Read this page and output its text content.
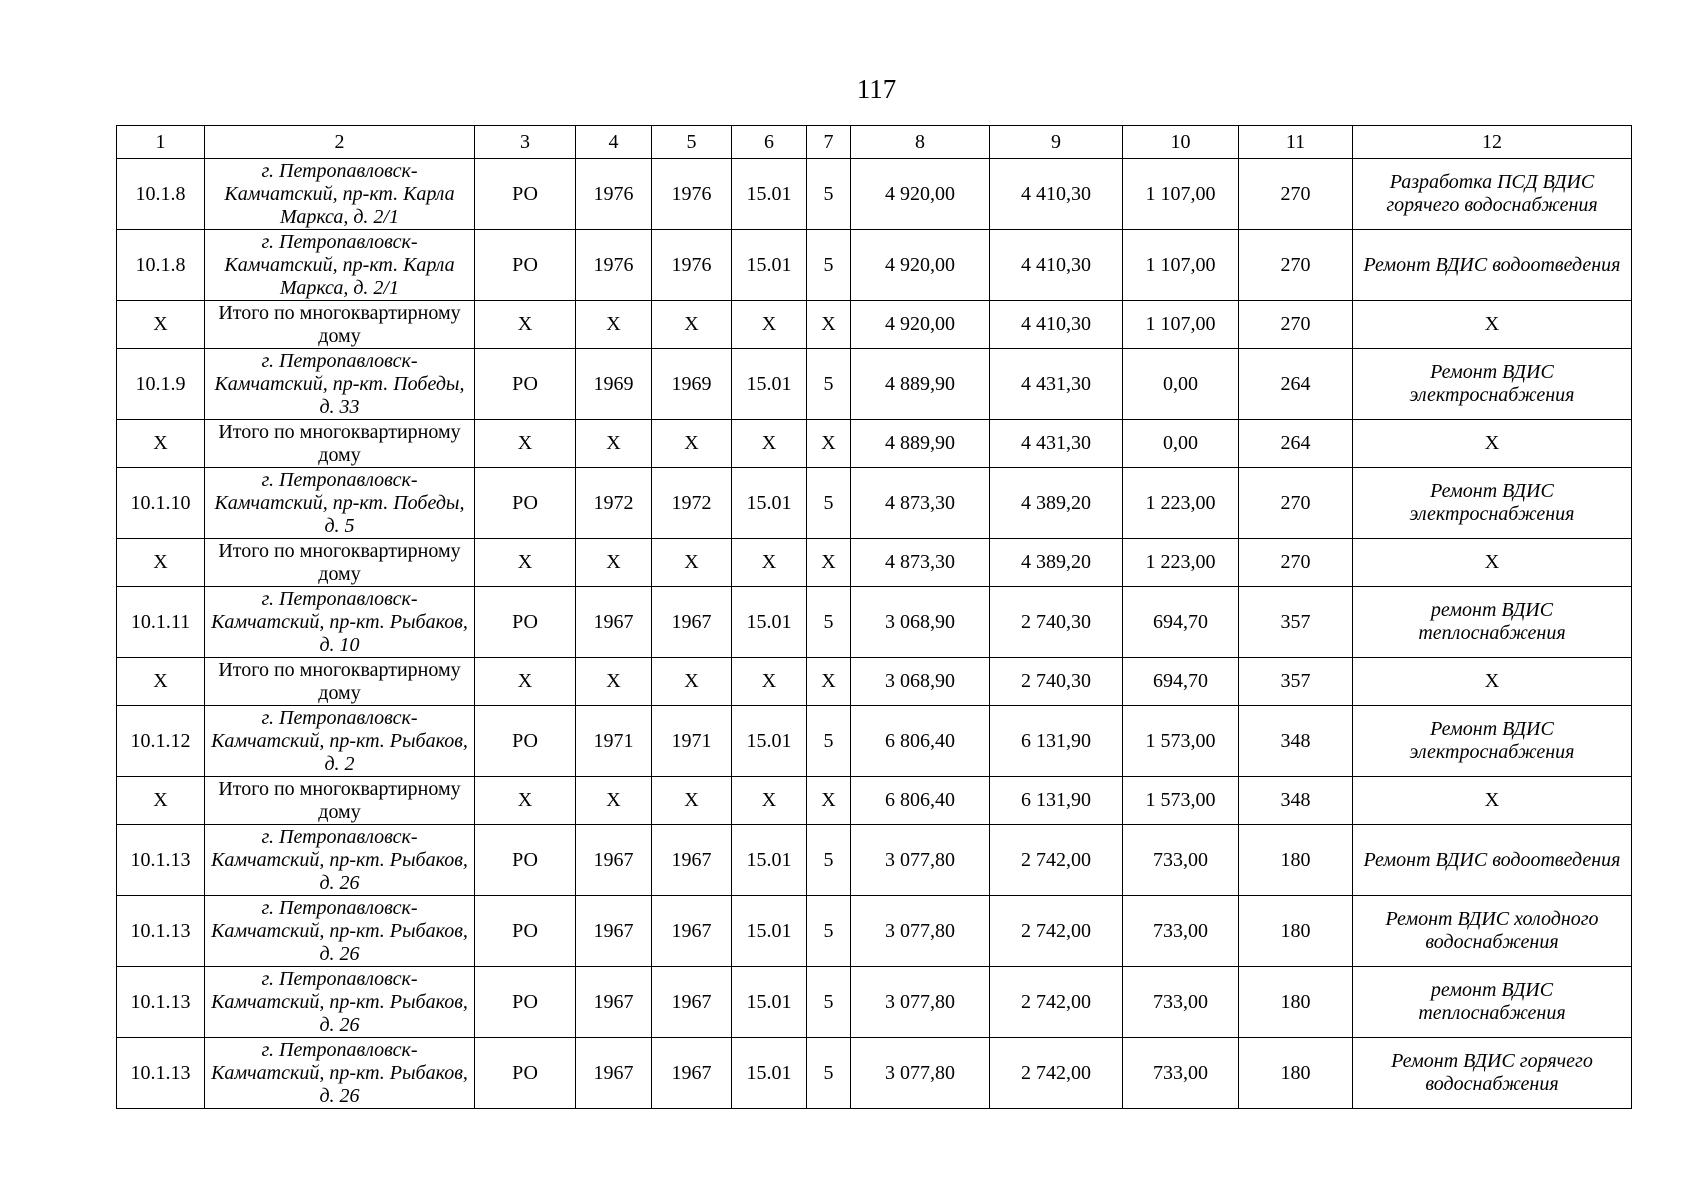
117
1	2	3	4	5	6	7	8	9	10	11	12
10.1.8	г. Петропавловск-Камчатский, пр-кт. Карла Маркса, д. 2/1	РО	1976	1976	15.01	5	4 920,00	4 410,30	1 107,00	270	Разработка ПСД ВДИС горячего водоснабжения
10.1.8	г. Петропавловск-Камчатский, пр-кт. Карла Маркса, д. 2/1	РО	1976	1976	15.01	5	4 920,00	4 410,30	1 107,00	270	Ремонт ВДИС водоотведения
Х	Итого по многоквартирному дому	Х	Х	Х	Х	Х	4 920,00	4 410,30	1 107,00	270	Х
10.1.9	г. Петропавловск-Камчатский, пр-кт. Победы, д. 33	РО	1969	1969	15.01	5	4 889,90	4 431,30	0,00	264	Ремонт ВДИС электроснабжения
Х	Итого по многоквартирному дому	Х	Х	Х	Х	Х	4 889,90	4 431,30	0,00	264	Х
10.1.10	г. Петропавловск-Камчатский, пр-кт. Победы, д. 5	РО	1972	1972	15.01	5	4 873,30	4 389,20	1 223,00	270	Ремонт ВДИС электроснабжения
Х	Итого по многоквартирному дому	Х	Х	Х	Х	Х	4 873,30	4 389,20	1 223,00	270	Х
10.1.11	г. Петропавловск-Камчатский, пр-кт. Рыбаков, д. 10	РО	1967	1967	15.01	5	3 068,90	2 740,30	694,70	357	ремонт ВДИС теплоснабжения
Х	Итого по многоквартирному дому	Х	Х	Х	Х	Х	3 068,90	2 740,30	694,70	357	Х
10.1.12	г. Петропавловск-Камчатский, пр-кт. Рыбаков, д. 2	РО	1971	1971	15.01	5	6 806,40	6 131,90	1 573,00	348	Ремонт ВДИС электроснабжения
Х	Итого по многоквартирному дому	Х	Х	Х	Х	Х	6 806,40	6 131,90	1 573,00	348	Х
10.1.13	г. Петропавловск-Камчатский, пр-кт. Рыбаков, д. 26	РО	1967	1967	15.01	5	3 077,80	2 742,00	733,00	180	Ремонт ВДИС водоотведения
10.1.13	г. Петропавловск-Камчатский, пр-кт. Рыбаков, д. 26	РО	1967	1967	15.01	5	3 077,80	2 742,00	733,00	180	Ремонт ВДИС холодного водоснабжения
10.1.13	г. Петропавловск-Камчатский, пр-кт. Рыбаков, д. 26	РО	1967	1967	15.01	5	3 077,80	2 742,00	733,00	180	ремонт ВДИС теплоснабжения
10.1.13	г. Петропавловск-Камчатский, пр-кт. Рыбаков, д. 26	РО	1967	1967	15.01	5	3 077,80	2 742,00	733,00	180	Ремонт ВДИС горячего водоснабжения
